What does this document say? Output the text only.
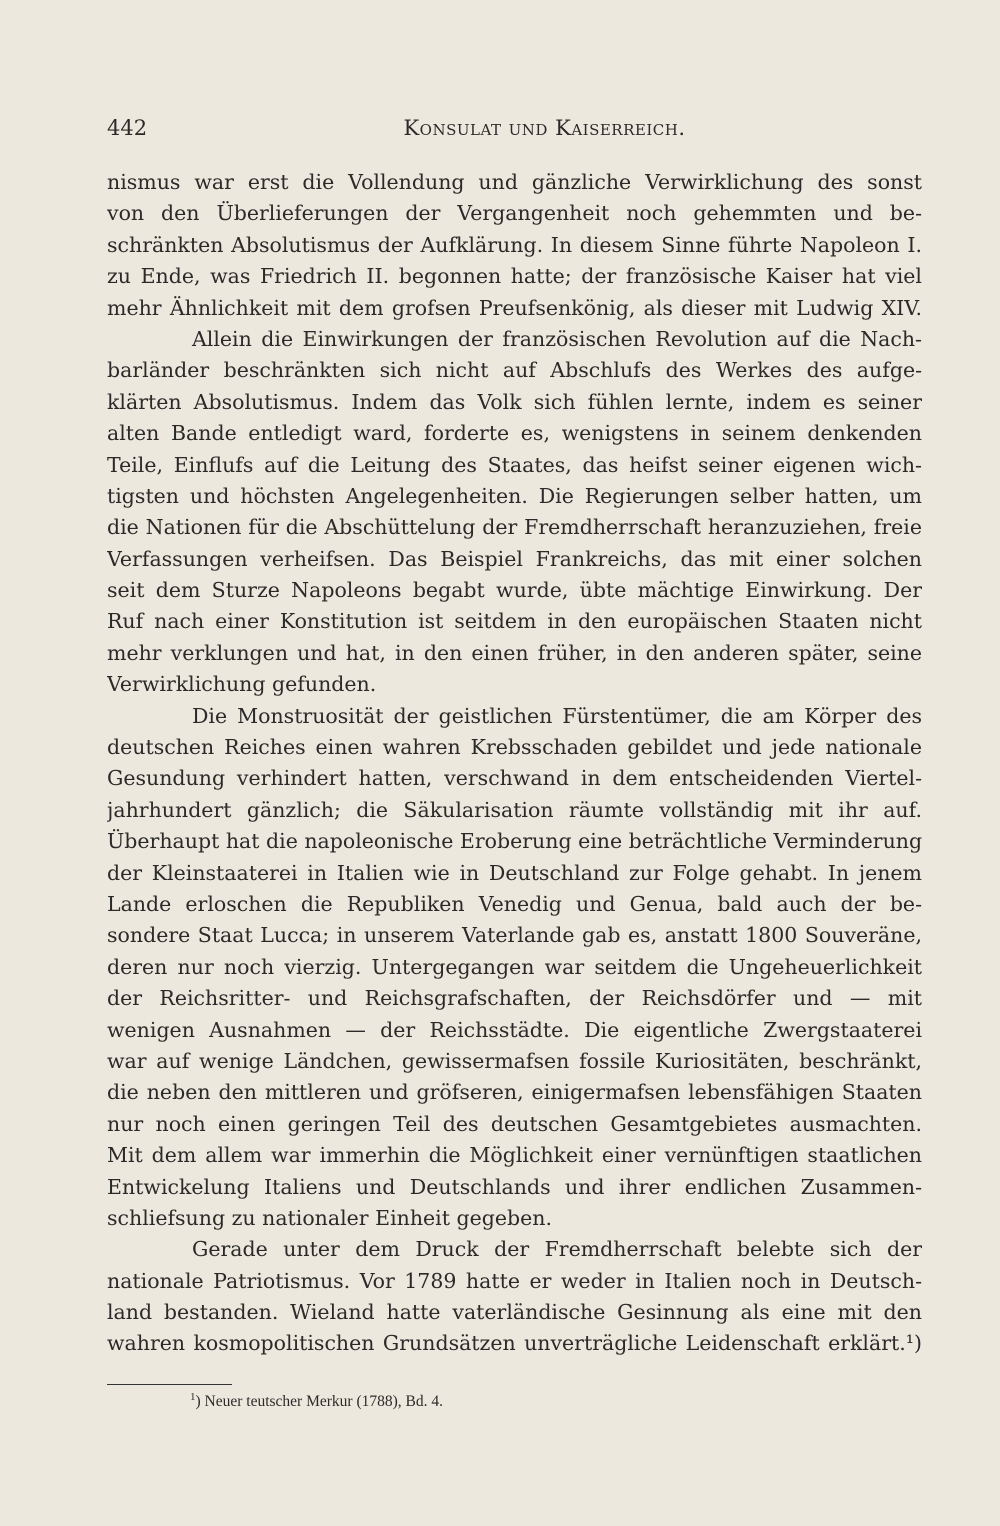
442	Konsulat und Kaiserreich.
nismus war erst die Vollendung und gänzliche Verwirklichung des sonst
von den Überlieferungen der Vergangenheit noch gehemmten und be-
schränkten Absolutismus der Aufklärung. In diesem Sinne führte Napoleon I.
zu Ende, was Friedrich II. begonnen hatte; der französische Kaiser hat viel
mehr Ähnlichkeit mit dem grofsen Preufsenkönig, als dieser mit Ludwig XIV.
Allein die Einwirkungen der französischen Revolution auf die Nach-
barländer beschränkten sich nicht auf Abschlufs des Werkes des aufge-
klärten Absolutismus. Indem das Volk sich fühlen lernte, indem es seiner
alten Bande entledigt ward, forderte es, wenigstens in seinem denkenden
Teile, Einflufs auf die Leitung des Staates, das heifst seiner eigenen wich-
tigsten und höchsten Angelegenheiten. Die Regierungen selber hatten, um
die Nationen für die Abschüttelung der Fremdherrschaft heranzuziehen, freie
Verfassungen verheifsen. Das Beispiel Frankreichs, das mit einer solchen
seit dem Sturze Napoleons begabt wurde, übte mächtige Einwirkung. Der
Ruf nach einer Konstitution ist seitdem in den europäischen Staaten nicht
mehr verklungen und hat, in den einen früher, in den anderen später, seine
Verwirklichung gefunden.
Die Monstruosität der geistlichen Fürstentümer, die am Körper des
deutschen Reiches einen wahren Krebsschaden gebildet und jede nationale
Gesundung verhindert hatten, verschwand in dem entscheidenden Viertel-
jahrhundert gänzlich; die Säkularisation räumte vollständig mit ihr auf.
Überhaupt hat die napoleonische Eroberung eine beträchtliche Verminderung
der Kleinstaaterei in Italien wie in Deutschland zur Folge gehabt. In jenem
Lande erloschen die Republiken Venedig und Genua, bald auch der be-
sondere Staat Lucca; in unserem Vaterlande gab es, anstatt 1800 Souveräne,
deren nur noch vierzig. Untergegangen war seitdem die Ungeheuerlichkeit
der Reichsritter- und Reichsgrafschaften, der Reichsdörfer und — mit
wenigen Ausnahmen — der Reichsstädte. Die eigentliche Zwergstaaterei
war auf wenige Ländchen, gewissermafsen fossile Kuriositäten, beschränkt,
die neben den mittleren und gröfseren, einigermafsen lebensfähigen Staaten
nur noch einen geringen Teil des deutschen Gesamtgebietes ausmachten.
Mit dem allem war immerhin die Möglichkeit einer vernünftigen staatlichen
Entwickelung Italiens und Deutschlands und ihrer endlichen Zusammen-
schliefsung zu nationaler Einheit gegeben.
Gerade unter dem Druck der Fremdherrschaft belebte sich der
nationale Patriotismus. Vor 1789 hatte er weder in Italien noch in Deutsch-
land bestanden. Wieland hatte vaterländische Gesinnung als eine mit den
wahren kosmopolitischen Grundsätzen unverträgliche Leidenschaft erklärt.¹)
$^1$) Neuer teutscher Merkur (1788), Bd. 4.
